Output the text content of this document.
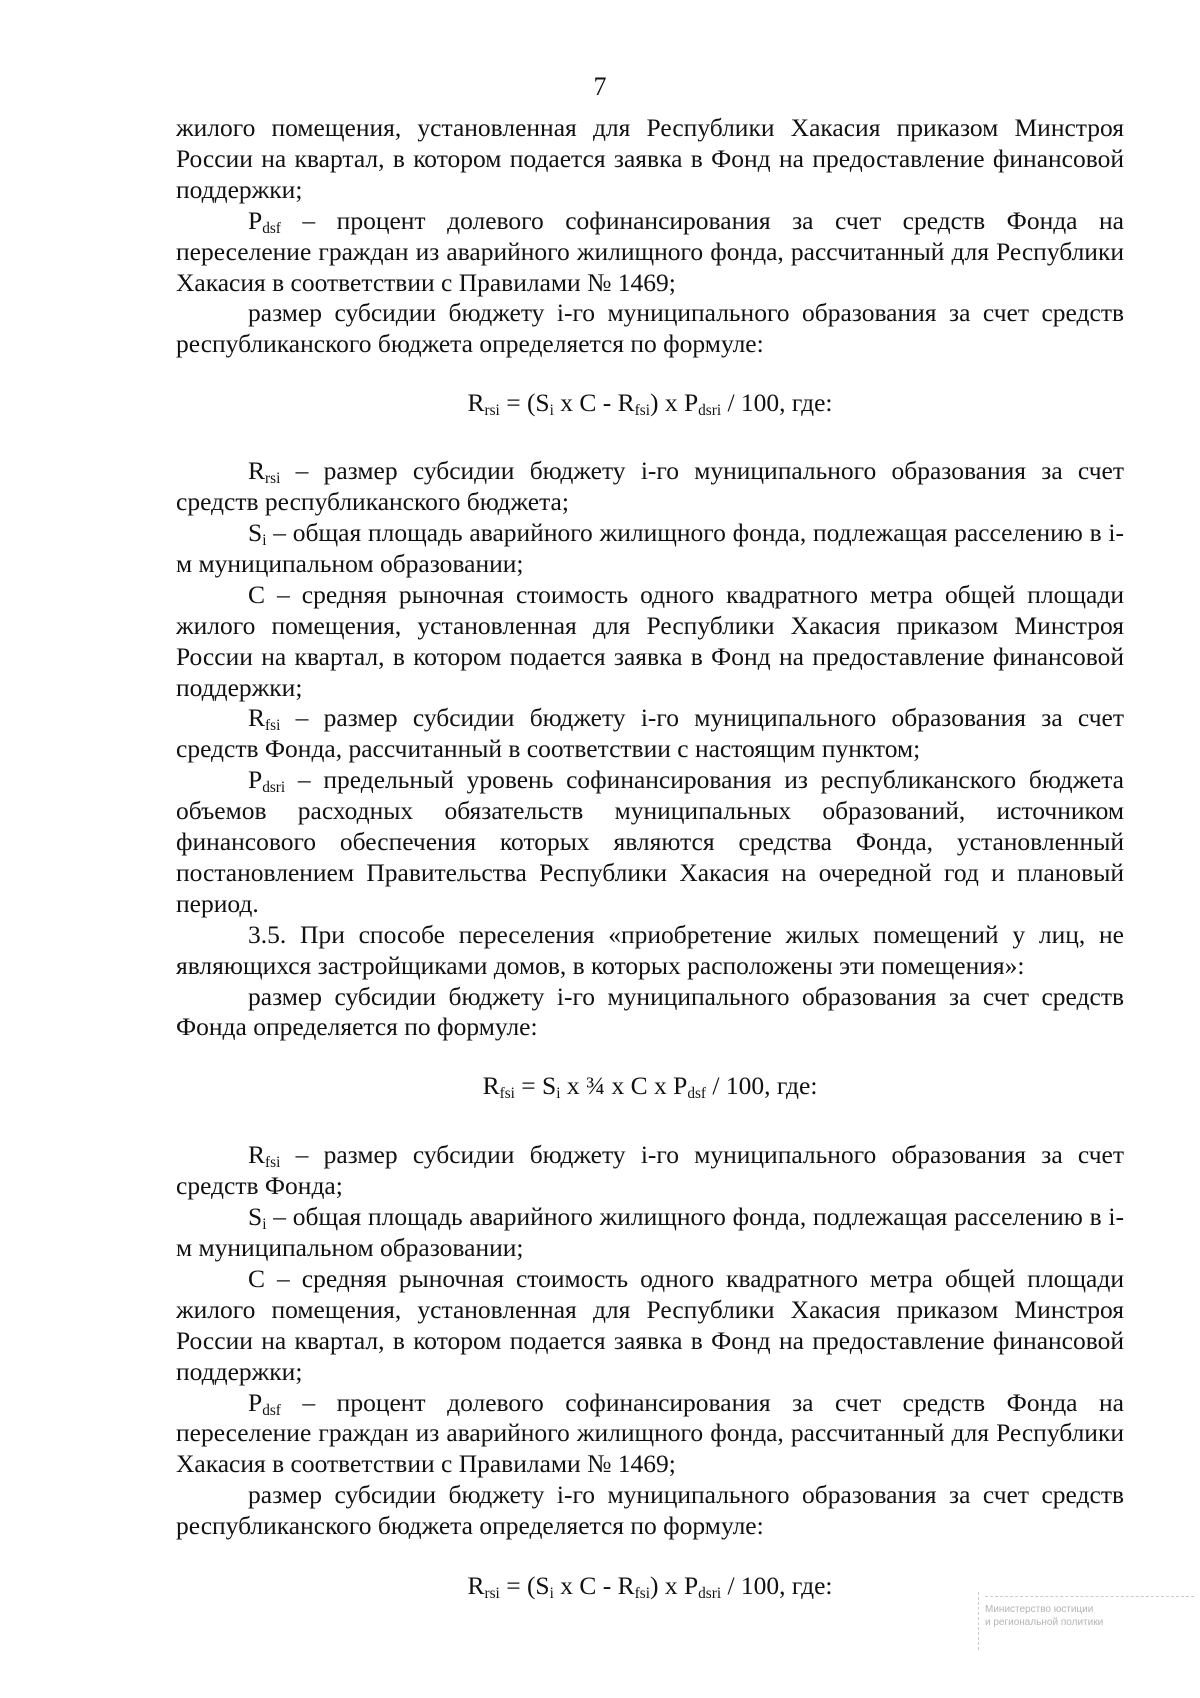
7

жилого помещения, установленная для Республики Хакасия приказом Минстроя России на квартал, в котором подается заявка в Фонд на предоставление финансовой поддержки;

$P_{dsf}$ – процент долевого софинансирования за счет средств Фонда на переселение граждан из аварийного жилищного фонда, рассчитанный для Республики Хакасия в соответствии с Правилами № 1469;

размер субсидии бюджету i-го муниципального образования за счет средств республиканского бюджета определяется по формуле:

$R_{rsi} = (S_i$ x C - $R_{fsi}$) x $P_{dsri} / 100$, где:

$R_{rsi}$ – размер субсидии бюджету i-го муниципального образования за счет средств республиканского бюджета;

$S_i$ – общая площадь аварийного жилищного фонда, подлежащая расселению в i-м муниципальном образовании;

C – средняя рыночная стоимость одного квадратного метра общей площади жилого помещения, установленная для Республики Хакасия приказом Минстроя России на квартал, в котором подается заявка в Фонд на предоставление финансовой поддержки;

$R_{fsi}$ – размер субсидии бюджету i-го муниципального образования за счет средств Фонда, рассчитанный в соответствии с настоящим пунктом;

$P_{dsri}$ – предельный уровень софинансирования из республиканского бюджета объемов расходных обязательств муниципальных образований, источником финансового обеспечения которых являются средства Фонда, установленный постановлением Правительства Республики Хакасия на очередной год и плановый период.

3.5. При способе переселения «приобретение жилых помещений у лиц, не являющихся застройщиками домов, в которых расположены эти помещения»:

размер субсидии бюджету i-го муниципального образования за счет средств Фонда определяется по формуле:

$R_{fsi} = S_i$ x ¾ x C x $P_{dsf} / 100$, где:

$R_{fsi}$ – размер субсидии бюджету i-го муниципального образования за счет средств Фонда;

$S_i$ – общая площадь аварийного жилищного фонда, подлежащая расселению в i-м муниципальном образовании;

C – средняя рыночная стоимость одного квадратного метра общей площади жилого помещения, установленная для Республики Хакасия приказом Минстроя России на квартал, в котором подается заявка в Фонд на предоставление финансовой поддержки;

$P_{dsf}$ – процент долевого софинансирования за счет средств Фонда на переселение граждан из аварийного жилищного фонда, рассчитанный для Республики Хакасия в соответствии с Правилами № 1469;

размер субсидии бюджету i-го муниципального образования за счет средств республиканского бюджета определяется по формуле:

$R_{rsi} = (S_i$ x C - $R_{fsi}$) x $P_{dsri} / 100$, где:

Министерство юстиции
и региональной политики
